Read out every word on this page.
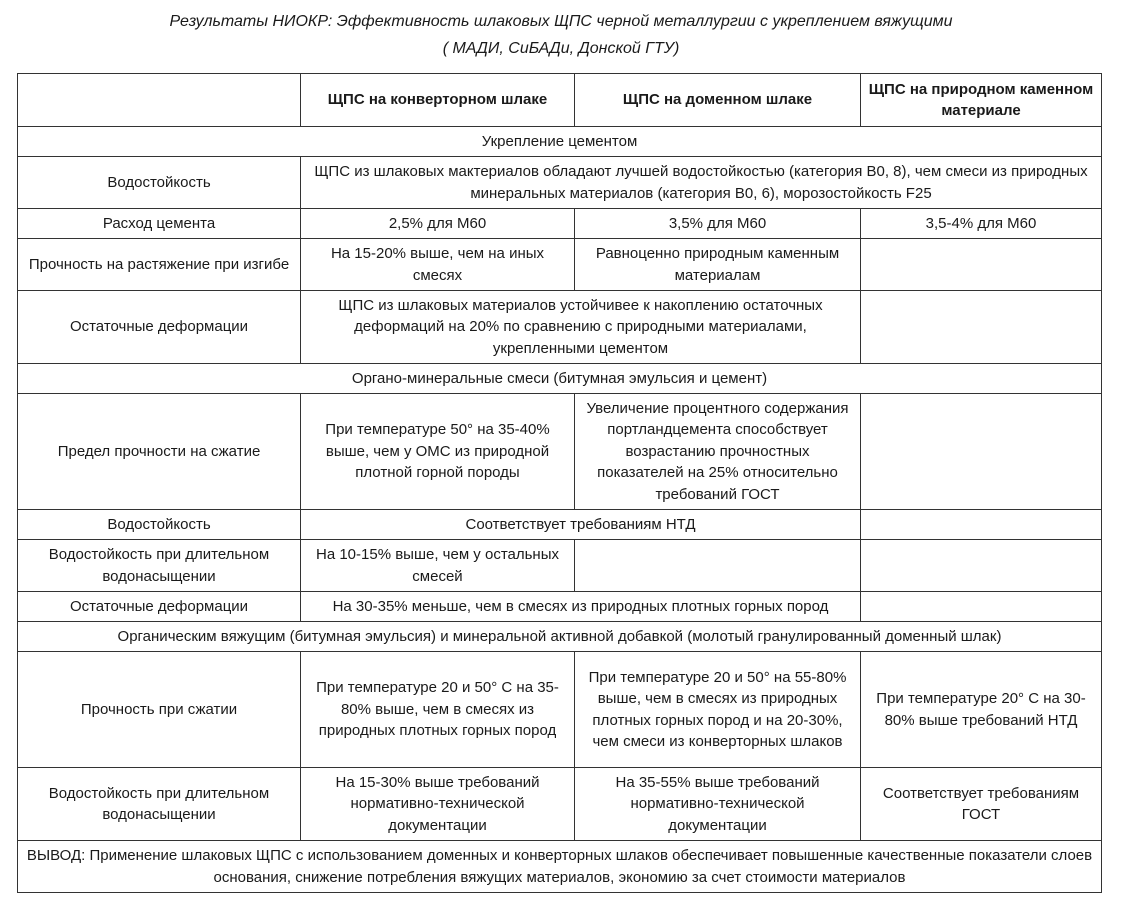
Результаты НИОКР: Эффективность шлаковых ЩПС черной металлургии с укреплением вяжущими
( МАДИ, СиБАДи, Донской ГТУ)
	ЩПС на конверторном шлаке	ЩПС на доменном шлаке	ЩПС на природном каменном материале
Укрепление цементом			
Водостойкость	ЩПС из шлаковых мактериалов обладают лучшей водостойкостью (категория В0, 8), чем смеси из природных минеральных материалов (категория В0, 6), морозостойкость F25		
Расход цемента	2,5% для М60	3,5% для М60	3,5-4% для М60
Прочность на растяжение при изгибе	На 15-20% выше, чем на иных смесях	Равноценно природным каменным материалам	
Остаточные деформации	ЩПС из шлаковых материалов устойчивее к накоплению остаточных деформаций на 20% по сравнению с природными материалами, укрепленными цементом		
Органо-минеральные смеси (битумная эмульсия и цемент)			
Предел прочности на сжатие	При температуре 50° на 35-40% выше, чем у ОМС из природной плотной горной породы	Увеличение процентного содержания портландцемента способствует возрастанию прочностных показателей на 25% относительно требований ГОСТ	
Водостойкость	Соответствует требованиям НТД		
Водостойкость при длительном водонасыщении	На 10-15% выше, чем у остальных смесей		
Остаточные деформации	На 30-35% меньше, чем в смесях из природных плотных горных пород		
Органическим вяжущим (битумная эмульсия) и минеральной активной добавкой (молотый гранулированный доменный шлак)			
Прочность при сжатии	При температуре 20 и 50° С на 35-80% выше, чем в смесях из природных плотных горных пород	При температуре 20 и 50° на 55-80% выше, чем в смесях из природных плотных горных пород и на 20-30%, чем смеси из конверторных шлаков	При температуре 20° С на 30-80% выше требований НТД
Водостойкость при длительном водонасыщении	На 15-30% выше требований нормативно-технической документации	На 35-55% выше требований нормативно-технической документации	Соответствует требованиям ГОСТ
ВЫВОД: Применение шлаковых ЩПС с использованием доменных и конверторных шлаков обеспечивает повышенные качественные показатели слоев основания, снижение потребления вяжущих материалов, экономию за счет стоимости материалов			
